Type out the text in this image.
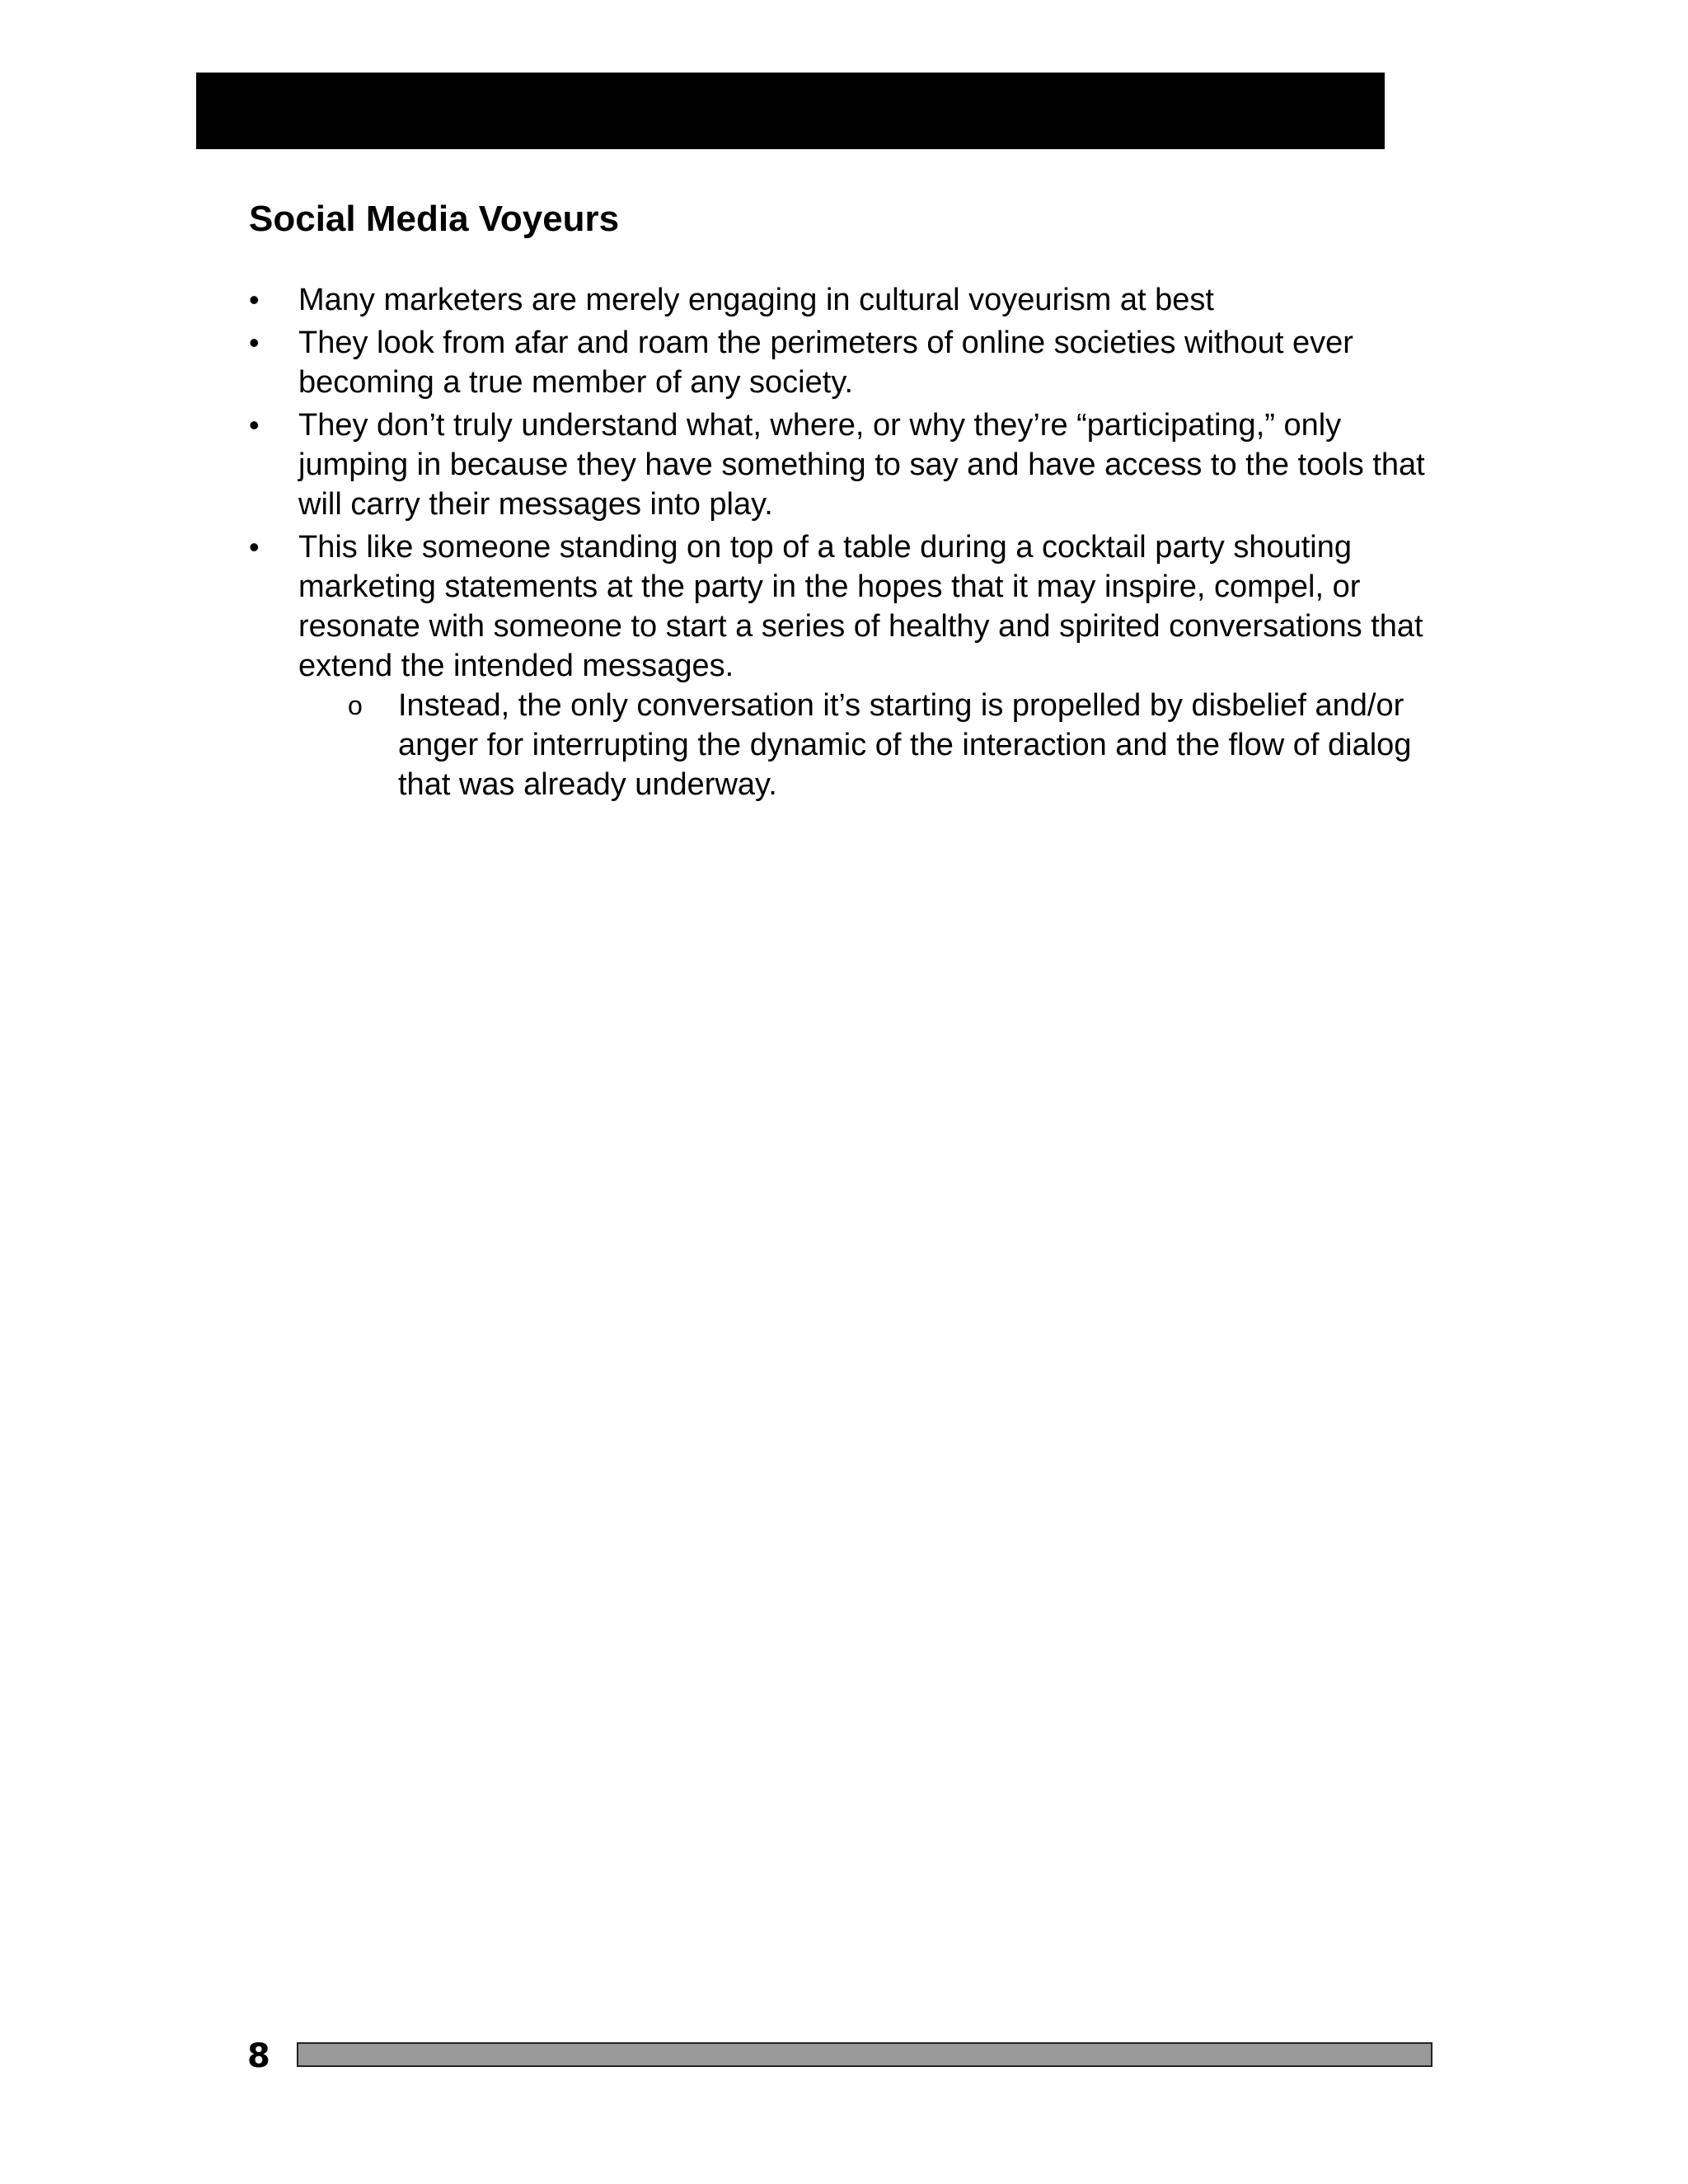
Social Media Voyeurs
•	Many marketers are merely engaging in cultural voyeurism at best
•	They look from afar and roam the perimeters of online societies without ever becoming a true member of any society.
•	They don’t truly understand what, where, or why they’re “participating,” only jumping in because they have something to say and have access to the tools that will carry their messages into play.
•	This like someone standing on top of a table during a cocktail party shouting marketing statements at the party in the hopes that it may inspire, compel, or resonate with someone to start a series of healthy and spirited conversations that extend the intended messages.
o Instead, the only conversation it’s starting is propelled by disbelief and/or anger for interrupting the dynamic of the interaction and the flow of dialog that was already underway.
8
